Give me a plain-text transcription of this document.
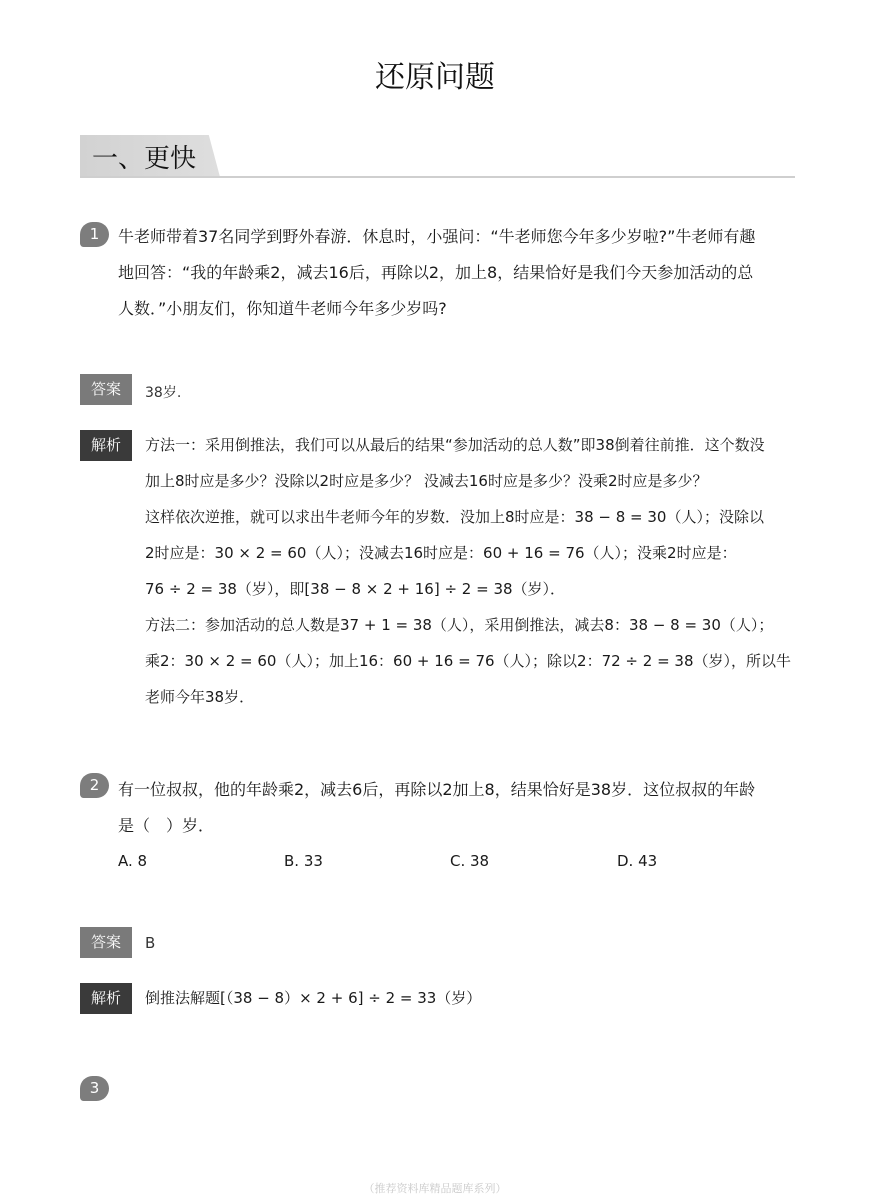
还原问题
一、更快
1	牛老师带着37名同学到野外春游．休息时，小强问：“牛老师您今年多少岁啦?”牛老师有趣
地回答：“我的年龄乘2，减去16后，再除以2，加上8，结果恰好是我们今天参加活动的总
人数．”小朋友们，你知道牛老师今年多少岁吗?
答案	38岁.
解析	方法一：采用倒推法，我们可以从最后的结果“参加活动的总人数”即38倒着往前推．这个数没
加上8时应是多少？没除以2时应是多少？ 没减去16时应是多少？没乘2时应是多少？
这样依次逆推，就可以求出牛老师今年的岁数．没加上8时应是：38 − 8 = 30（人）；没除以
2时应是：30 × 2 = 60（人）；没减去16时应是：60 + 16 = 76（人）；没乘2时应是：
76 ÷ 2 = 38（岁），即[38 − 8 × 2 + 16] ÷ 2 = 38（岁）．
方法二：参加活动的总人数是37 + 1 = 38（人），采用倒推法，减去8：38 − 8 = 30（人）；
乘2：30 × 2 = 60（人）；加上16：60 + 16 = 76（人）；除以2：72 ÷ 2 = 38（岁），所以牛
老师今年38岁．
2	有一位叔叔，他的年龄乘2，减去6后，再除以2加上8，结果恰好是38岁．这位叔叔的年龄
是（　）岁．
A. 8	B. 33	C. 38	D. 43
答案	B
解析	倒推法解题[（38 − 8）× 2 + 6] ÷ 2 = 33（岁）
3
（推荐资料库精品题库系列）
